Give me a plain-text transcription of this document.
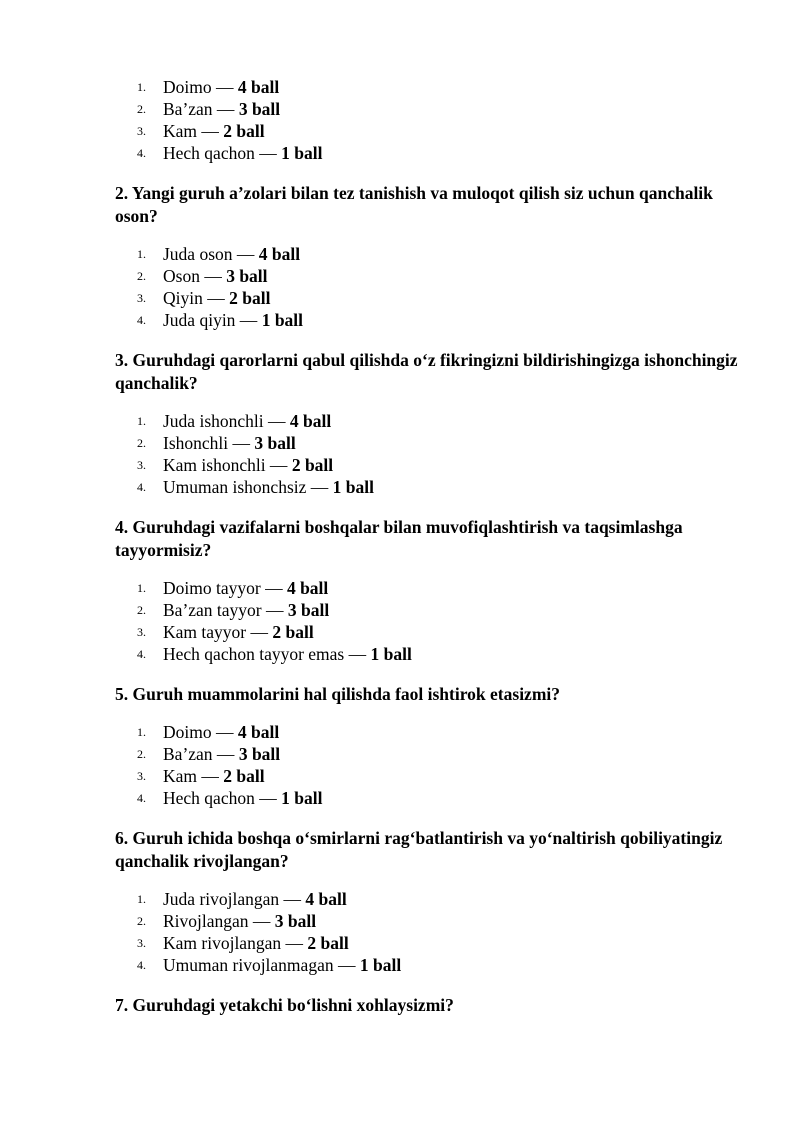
1. Doimo — 4 ball
2. Ba’zan — 3 ball
3. Kam — 2 ball
4. Hech qachon — 1 ball

2. Yangi guruh a’zolari bilan tez tanishish va muloqot qilish siz uchun qanchalik oson?

1. Juda oson — 4 ball
2. Oson — 3 ball
3. Qiyin — 2 ball
4. Juda qiyin — 1 ball

3. Guruhdagi qarorlarni qabul qilishda o‘z fikringizni bildirishingizga ishonchingiz qanchalik?

1. Juda ishonchli — 4 ball
2. Ishonchli — 3 ball
3. Kam ishonchli — 2 ball
4. Umuman ishonchsiz — 1 ball

4. Guruhdagi vazifalarni boshqalar bilan muvofiqlashtirish va taqsimlashga tayyormisiz?

1. Doimo tayyor — 4 ball
2. Ba’zan tayyor — 3 ball
3. Kam tayyor — 2 ball
4. Hech qachon tayyor emas — 1 ball

5. Guruh muammolarini hal qilishda faol ishtirok etasizmi?

1. Doimo — 4 ball
2. Ba’zan — 3 ball
3. Kam — 2 ball
4. Hech qachon — 1 ball

6. Guruh ichida boshqa o‘smirlarni rag‘batlantirish va yo‘naltirish qobiliyatingiz qanchalik rivojlangan?

1. Juda rivojlangan — 4 ball
2. Rivojlangan — 3 ball
3. Kam rivojlangan — 2 ball
4. Umuman rivojlanmagan — 1 ball

7. Guruhdagi yetakchi bo‘lishni xohlaysizmi?
